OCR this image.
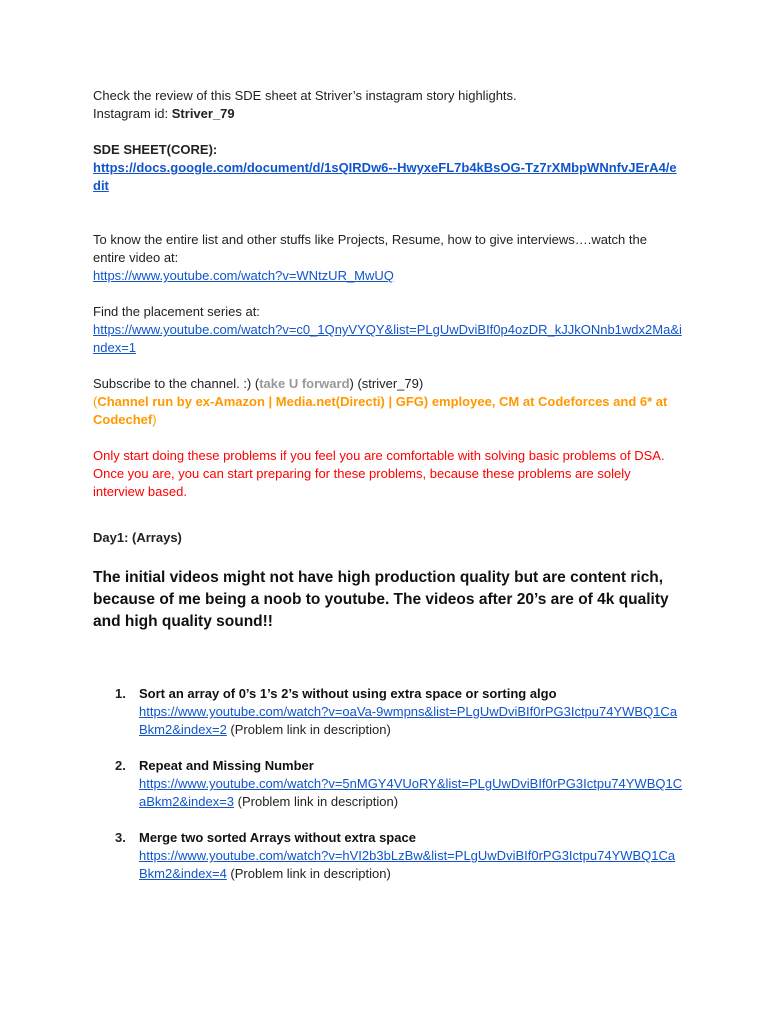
Check the review of this SDE sheet at Striver’s instagram story highlights.

Instagram id: Striver_79

SDE SHEET(CORE):

https://docs.google.com/document/d/1sQIRDw6--HwyxeFL7b4kBsOG-Tz7rXMbpWNnfvJErA4/edit

To know the entire list and other stuffs like Projects, Resume, how to give interviews….watch the entire video at:

https://www.youtube.com/watch?v=WNtzUR_MwUQ

Find the placement series at:

https://www.youtube.com/watch?v=c0_1QnyVYQY&list=PLgUwDviBIf0p4ozDR_kJJkONnb1wdx2Ma&index=1

Subscribe to the channel. :) (take U forward) (striver_79)

(Channel run by ex-Amazon | Media.net(Directi) | GFG) employee, CM at Codeforces and 6* at Codechef)

Only start doing these problems if you feel you are comfortable with solving basic problems of DSA. Once you are, you can start preparing for these problems, because these problems are solely interview based.

Day1: (Arrays)

The initial videos might not have high production quality but are content rich, because of me being a noob to youtube. The videos after 20’s are of 4k quality and high quality sound!!

1. Sort an array of 0’s 1’s 2’s without using extra space or sorting algo
https://www.youtube.com/watch?v=oaVa-9wmpns&list=PLgUwDviBIf0rPG3Ictpu74YWBQ1CaBkm2&index=2 (Problem link in description)
2. Repeat and Missing Number
https://www.youtube.com/watch?v=5nMGY4VUoRY&list=PLgUwDviBIf0rPG3Ictpu74YWBQ1CaBkm2&index=3 (Problem link in description)
3. Merge two sorted Arrays without extra space
https://www.youtube.com/watch?v=hVI2b3bLzBw&list=PLgUwDviBIf0rPG3Ictpu74YWBQ1CaBkm2&index=4 (Problem link in description)
